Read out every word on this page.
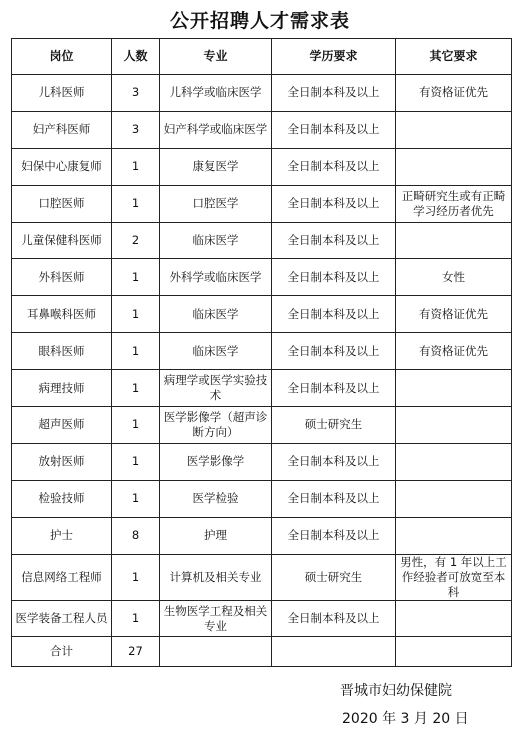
公开招聘人才需求表
岗位	人数	专业	学历要求	其它要求
儿科医师	3	儿科学或临床医学	全日制本科及以上	有资格证优先
妇产科医师	3	妇产科学或临床医学	全日制本科及以上	
妇保中心康复师	1	康复医学	全日制本科及以上	
口腔医师	1	口腔医学	全日制本科及以上	正畸研究生或有正畸学习经历者优先
儿童保健科医师	2	临床医学	全日制本科及以上	
外科医师	1	外科学或临床医学	全日制本科及以上	女性
耳鼻喉科医师	1	临床医学	全日制本科及以上	有资格证优先
眼科医师	1	临床医学	全日制本科及以上	有资格证优先
病理技师	1	病理学或医学实验技术	全日制本科及以上	
超声医师	1	医学影像学（超声诊断方向）	硕士研究生	
放射医师	1	医学影像学	全日制本科及以上	
检验技师	1	医学检验	全日制本科及以上	
护士	8	护理	全日制本科及以上	
信息网络工程师	1	计算机及相关专业	硕士研究生	男性，有 1 年以上工作经验者可放宽至本科
医学装备工程人员	1	生物医学工程及相关专业	全日制本科及以上	
合计	27			
晋城市妇幼保健院
2020 年 3 月 20 日
